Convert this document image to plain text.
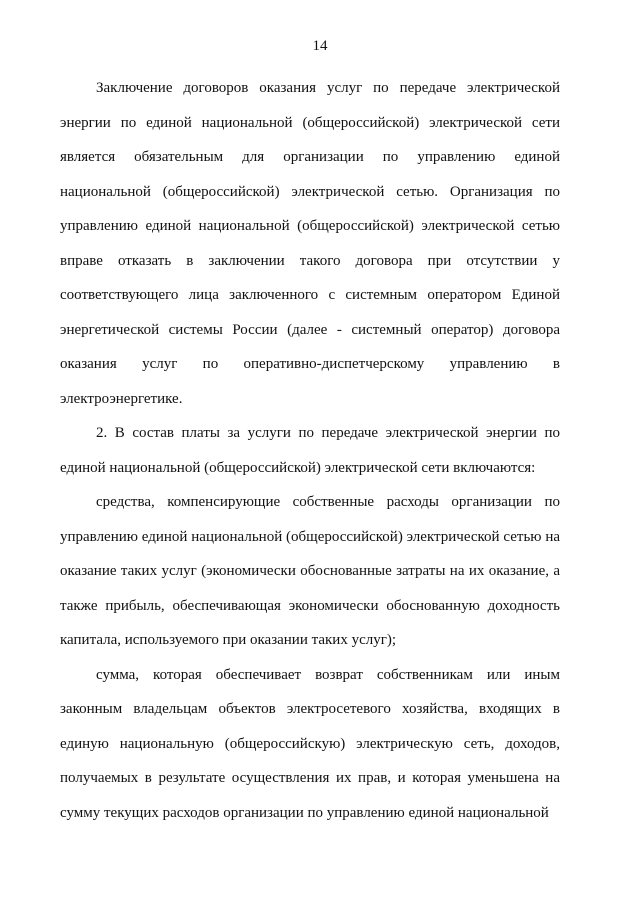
14

Заключение договоров оказания услуг по передаче электрической энергии по единой национальной (общероссийской) электрической сети является обязательным для организации по управлению единой национальной (общероссийской) электрической сетью. Организация по управлению единой национальной (общероссийской) электрической сетью вправе отказать в заключении такого договора при отсутствии у соответствующего лица заключенного с системным оператором Единой энергетической системы России (далее - системный оператор) договора оказания услуг по оперативно-диспетчерскому управлению в электроэнергетике.

2. В состав платы за услуги по передаче электрической энергии по единой национальной (общероссийской) электрической сети включаются:

средства, компенсирующие собственные расходы организации по управлению единой национальной (общероссийской) электрической сетью на оказание таких услуг (экономически обоснованные затраты на их оказание, а также прибыль, обеспечивающая экономически обоснованную доходность капитала, используемого при оказании таких услуг);

сумма, которая обеспечивает возврат собственникам или иным законным владельцам объектов электросетевого хозяйства, входящих в единую национальную (общероссийскую) электрическую сеть, доходов, получаемых в результате осуществления их прав, и которая уменьшена на сумму текущих расходов организации по управлению единой национальной
